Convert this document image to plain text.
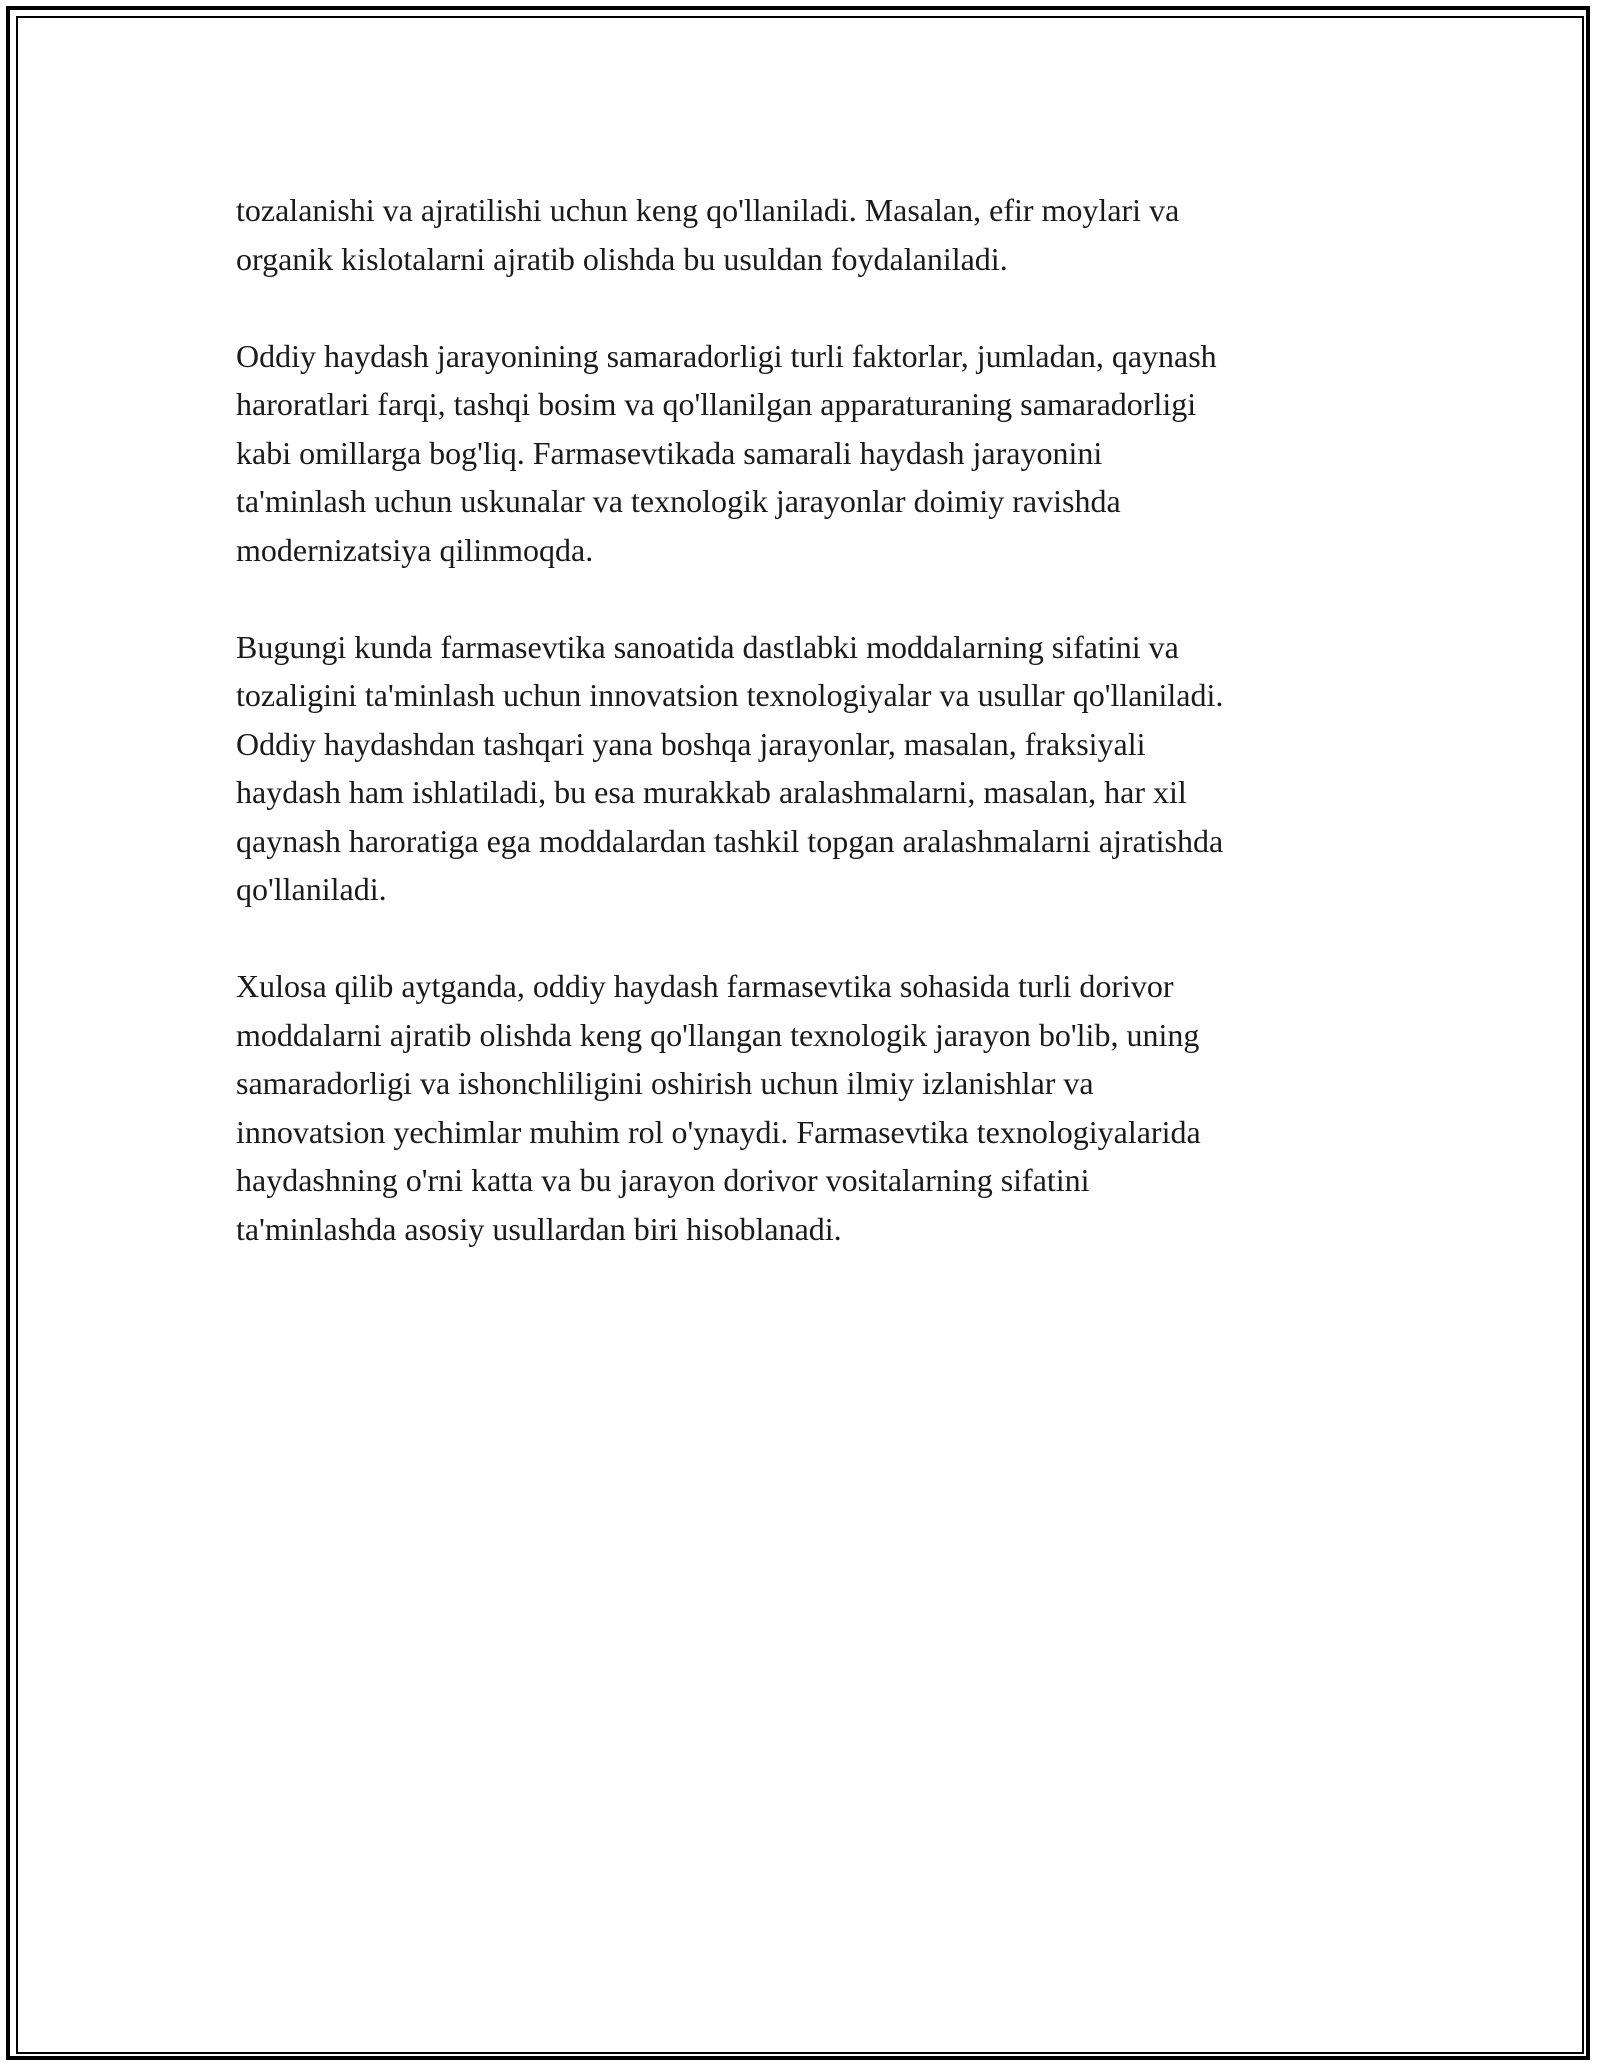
tozalanishi va ajratilishi uchun keng qo'llaniladi. Masalan, efir moylari va
organik kislotalarni ajratib olishda bu usuldan foydalaniladi.

Oddiy haydash jarayonining samaradorligi turli faktorlar, jumladan, qaynash
haroratlari farqi, tashqi bosim va qo'llanilgan apparaturaning samaradorligi
kabi omillarga bog'liq. Farmasevtikada samarali haydash jarayonini
ta'minlash uchun uskunalar va texnologik jarayonlar doimiy ravishda
modernizatsiya qilinmoqda.

Bugungi kunda farmasevtika sanoatida dastlabki moddalarning sifatini va
tozaligini ta'minlash uchun innovatsion texnologiyalar va usullar qo'llaniladi.
Oddiy haydashdan tashqari yana boshqa jarayonlar, masalan, fraksiyali
haydash ham ishlatiladi, bu esa murakkab aralashmalarni, masalan, har xil
qaynash haroratiga ega moddalardan tashkil topgan aralashmalarni ajratishda
qo'llaniladi.

Xulosa qilib aytganda, oddiy haydash farmasevtika sohasida turli dorivor
moddalarni ajratib olishda keng qo'llangan texnologik jarayon bo'lib, uning
samaradorligi va ishonchliligini oshirish uchun ilmiy izlanishlar va
innovatsion yechimlar muhim rol o'ynaydi. Farmasevtika texnologiyalarida
haydashning o'rni katta va bu jarayon dorivor vositalarning sifatini
ta'minlashda asosiy usullardan biri hisoblanadi.
